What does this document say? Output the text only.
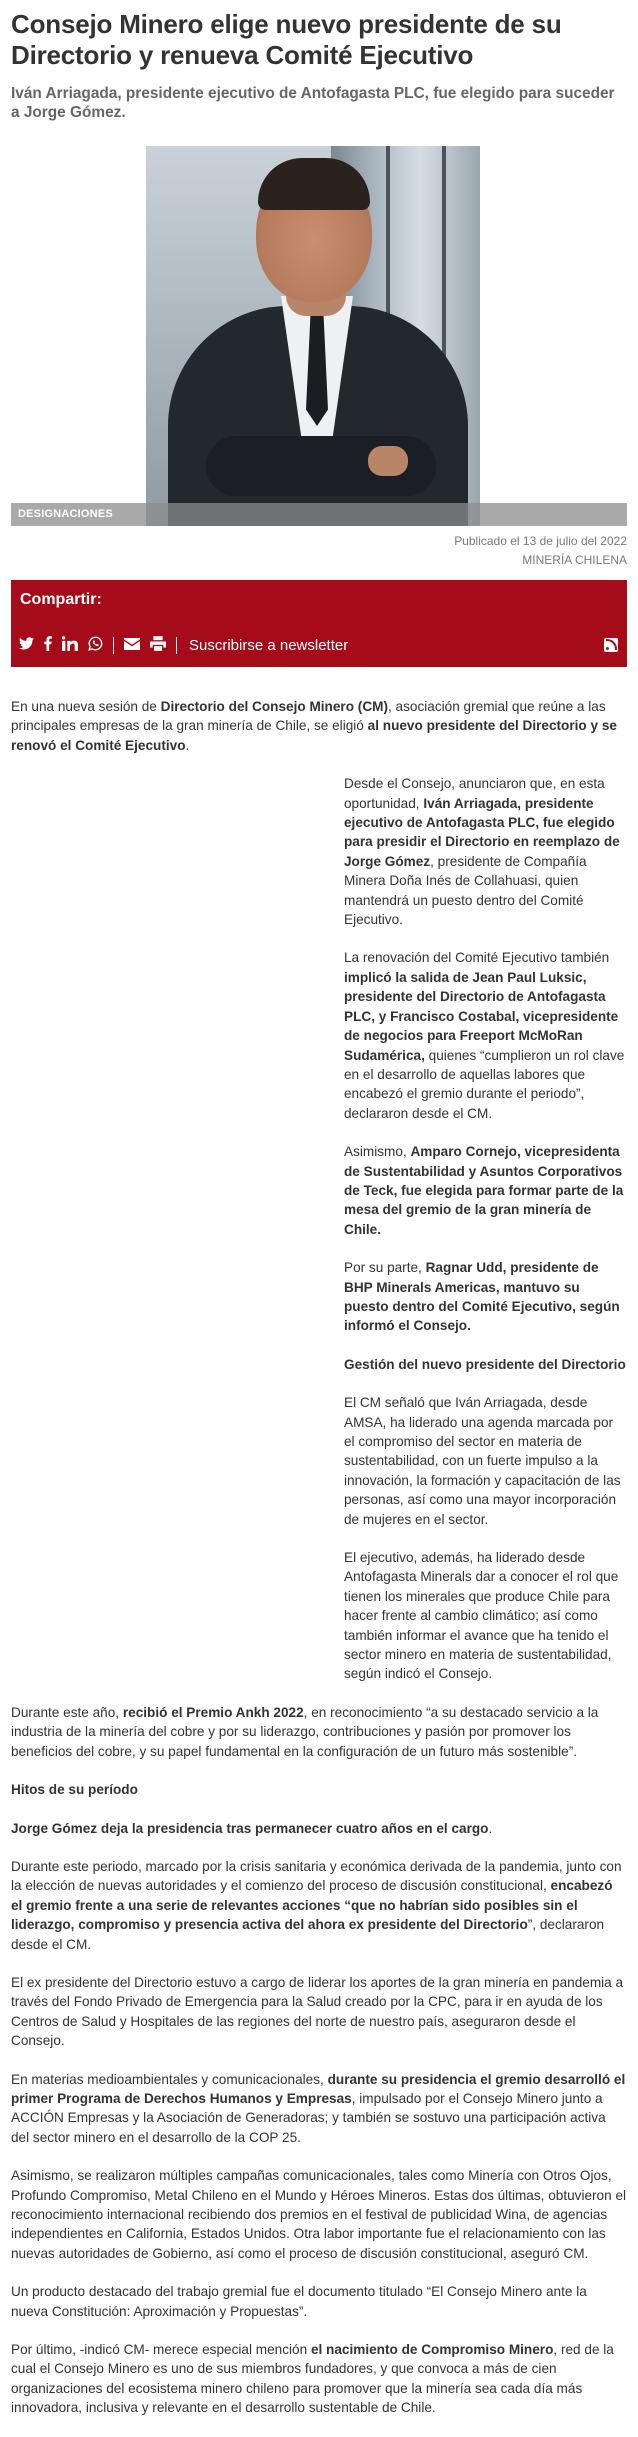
Consejo Minero elige nuevo presidente de su Directorio y renueva Comité Ejecutivo
Iván Arriagada, presidente ejecutivo de Antofagasta PLC, fue elegido para suceder a Jorge Gómez.
DESIGNACIONES
Publicado el 13 de julio del 2022
MINERÍA CHILENA
Compartir:
Suscribirse a newsletter

En una nueva sesión de Directorio del Consejo Minero (CM), asociación gremial que reúne a las principales empresas de la gran minería de Chile, se eligió al nuevo presidente del Directorio y se renovó el Comité Ejecutivo.

Desde el Consejo, anunciaron que, en esta oportunidad, Iván Arriagada, presidente ejecutivo de Antofagasta PLC, fue elegido para presidir el Directorio en reemplazo de Jorge Gómez, presidente de Compañía Minera Doña Inés de Collahuasi, quien mantendrá un puesto dentro del Comité Ejecutivo.

La renovación del Comité Ejecutivo también implicó la salida de Jean Paul Luksic, presidente del Directorio de Antofagasta PLC, y Francisco Costabal, vicepresidente de negocios para Freeport McMoRan Sudamérica, quienes “cumplieron un rol clave en el desarrollo de aquellas labores que encabezó el gremio durante el periodo”, declararon desde el CM.

Asimismo, Amparo Cornejo, vicepresidenta de Sustentabilidad y Asuntos Corporativos de Teck, fue elegida para formar parte de la mesa del gremio de la gran minería de Chile.

Por su parte, Ragnar Udd, presidente de BHP Minerals Americas, mantuvo su puesto dentro del Comité Ejecutivo, según informó el Consejo.

Gestión del nuevo presidente del Directorio

El CM señaló que Iván Arriagada, desde AMSA, ha liderado una agenda marcada por el compromiso del sector en materia de sustentabilidad, con un fuerte impulso a la innovación, la formación y capacitación de las personas, así como una mayor incorporación de mujeres en el sector.

El ejecutivo, además, ha liderado desde Antofagasta Minerals dar a conocer el rol que tienen los minerales que produce Chile para hacer frente al cambio climático; así como también informar el avance que ha tenido el sector minero en materia de sustentabilidad, según indicó el Consejo.

Durante este año, recibió el Premio Ankh 2022, en reconocimiento “a su destacado servicio a la industria de la minería del cobre y por su liderazgo, contribuciones y pasión por promover los beneficios del cobre, y su papel fundamental en la configuración de un futuro más sostenible”.

Hitos de su período

Jorge Gómez deja la presidencia tras permanecer cuatro años en el cargo.

Durante este periodo, marcado por la crisis sanitaria y económica derivada de la pandemia, junto con la elección de nuevas autoridades y el comienzo del proceso de discusión constitucional, encabezó el gremio frente a una serie de relevantes acciones “que no habrían sido posibles sin el liderazgo, compromiso y presencia activa del ahora ex presidente del Directorio”, declararon desde el CM.

El ex presidente del Directorio estuvo a cargo de liderar los aportes de la gran minería en pandemia a través del Fondo Privado de Emergencia para la Salud creado por la CPC, para ir en ayuda de los Centros de Salud y Hospitales de las regiones del norte de nuestro país, aseguraron desde el Consejo.

En materias medioambientales y comunicacionales, durante su presidencia el gremio desarrolló el primer Programa de Derechos Humanos y Empresas, impulsado por el Consejo Minero junto a ACCIÓN Empresas y la Asociación de Generadoras; y también se sostuvo una participación activa del sector minero en el desarrollo de la COP 25.

Asimismo, se realizaron múltiples campañas comunicacionales, tales como Minería con Otros Ojos, Profundo Compromiso, Metal Chileno en el Mundo y Héroes Mineros. Estas dos últimas, obtuvieron el reconocimiento internacional recibiendo dos premios en el festival de publicidad Wina, de agencias independientes en California, Estados Unidos. Otra labor importante fue el relacionamiento con las nuevas autoridades de Gobierno, así como el proceso de discusión constitucional, aseguró CM.

Un producto destacado del trabajo gremial fue el documento titulado “El Consejo Minero ante la nueva Constitución: Aproximación y Propuestas”.

Por último, -indicó CM- merece especial mención el nacimiento de Compromiso Minero, red de la cual el Consejo Minero es uno de sus miembros fundadores, y que convoca a más de cien organizaciones del ecosistema minero chileno para promover que la minería sea cada día más innovadora, inclusiva y relevante en el desarrollo sustentable de Chile.
